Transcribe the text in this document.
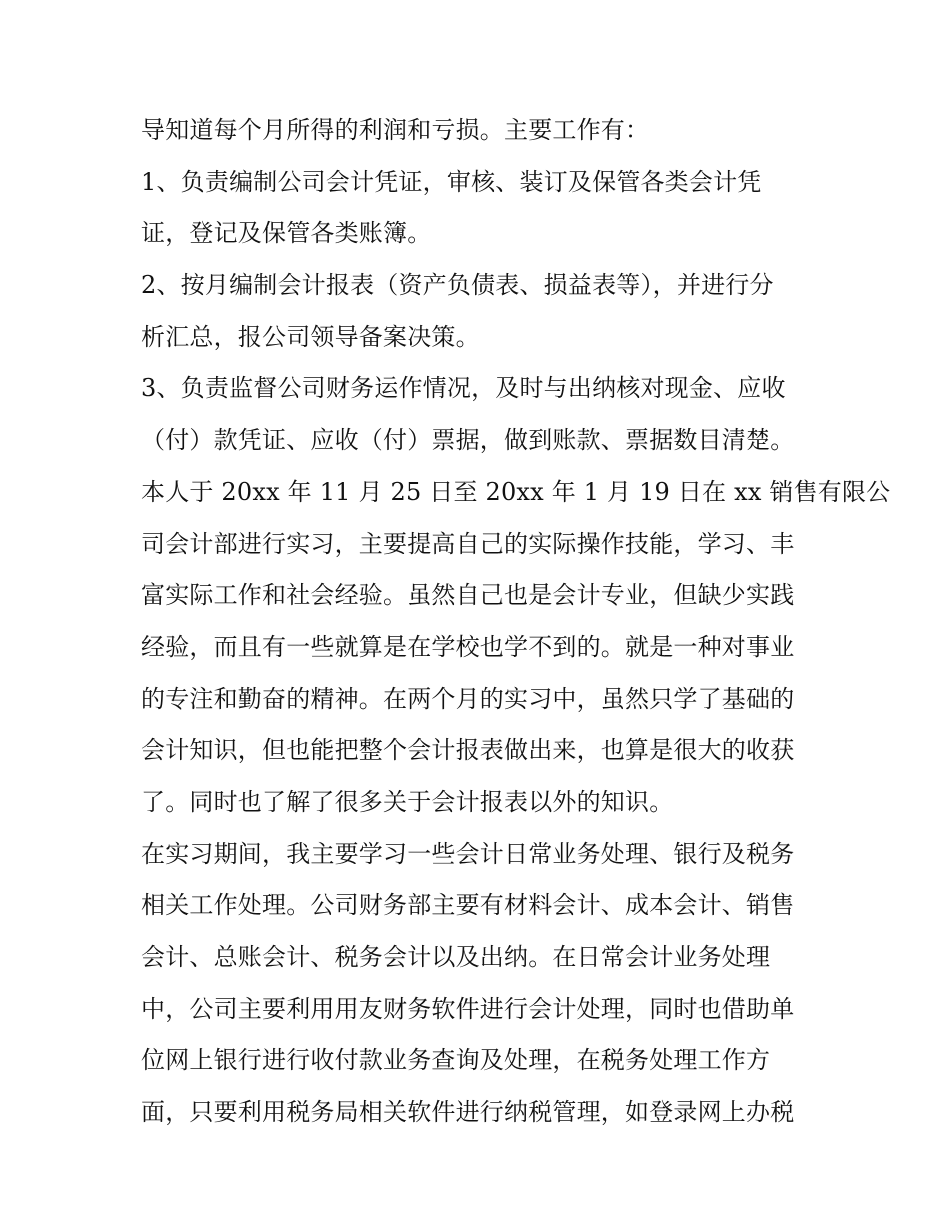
导知道每个月所得的利润和亏损。主要工作有：
1、负责编制公司会计凭证，审核、装订及保管各类会计凭
证，登记及保管各类账簿。
2、按月编制会计报表（资产负债表、损益表等），并进行分
析汇总，报公司领导备案决策。
3、负责监督公司财务运作情况，及时与出纳核对现金、应收
（付）款凭证、应收（付）票据，做到账款、票据数目清楚。
本人于 20xx 年 11 月 25 日至 20xx 年 1 月 19 日在 xx 销售有限公
司会计部进行实习，主要提高自己的实际操作技能，学习、丰
富实际工作和社会经验。虽然自己也是会计专业，但缺少实践
经验，而且有一些就算是在学校也学不到的。就是一种对事业
的专注和勤奋的精神。在两个月的实习中，虽然只学了基础的
会计知识，但也能把整个会计报表做出来，也算是很大的收获
了。同时也了解了很多关于会计报表以外的知识。
在实习期间，我主要学习一些会计日常业务处理、银行及税务
相关工作处理。公司财务部主要有材料会计、成本会计、销售
会计、总账会计、税务会计以及出纳。在日常会计业务处理
中，公司主要利用用友财务软件进行会计处理，同时也借助单
位网上银行进行收付款业务查询及处理，在税务处理工作方
面，只要利用税务局相关软件进行纳税管理，如登录网上办税
